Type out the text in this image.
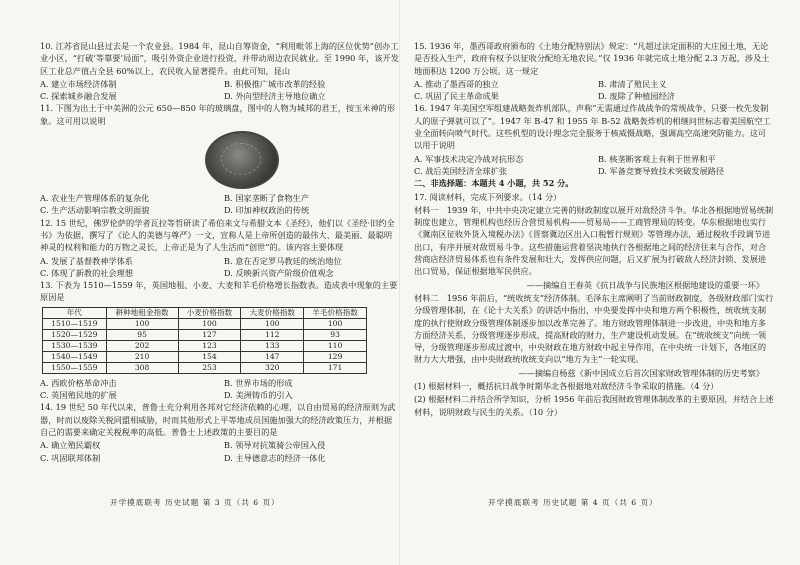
10. 江苏省昆山县过去是一个农业县。1984 年，昆山自筹资金，“利用毗邻上海的区位优势”创办工业小区，“打破‘等靠要’局面”，吸引外资企业进行投资，并带动周边农民就业。至 1990 年，该开发区工业总产值占全县 60%以上，农民收入显著提升。由此可知，昆山

A. 建立市场经济体制	B. 积极推广城市改革的经验
C. 探索城乡融合发展	D. 外向型经济主导地位确立

11. 下图为出土于中美洲的公元 650—850 年的玻璃盘，图中的人物为城邦的君王，按玉米神的形象。这可用以说明

A. 农业生产管理体系的复杂化	B. 国家垄断了食物生产
C. 生产活动影响宗教文明面貌	D. 印加神权政治的传统

12. 15 世纪，佛罗伦萨的学者瓦拉等哲研读了希伯来文与希腊文本《圣经》，他们以《圣经·旧约全书》为依据，撰写了《论人的美德与尊严》一文，宣称人是上帝所创造的最伟大、最美丽、最聪明神灵的权利和能力的万物之灵长，上帝正是为了人生活而“创世”的。该内容主要体现

A. 发展了基督教神学体系	B. 意在否定罗马教廷的统治地位
C. 体现了新教的社会理想	D. 反映新兴资产阶级价值观念

13. 下表为 1510—1559 年，英国地租、小麦、大麦和羊毛价格增长指数表。造成表中现象的主要原因是

年代	耕种地租金指数	小麦价格指数	大麦价格指数	羊毛价格指数
1510—1519	100	100	100	100
1520—1529	95	127	112	93
1530—1539	202	123	133	110
1540—1549	210	154	147	129
1550—1559	308	253	320	171
A. 西欧价格革命冲击	B. 世界市场的形成
C. 英国殖民地的扩展	D. 美洲铸币的引入

14. 19 世纪 50 年代以来，普鲁士充分利用各邦对它经济依赖的心理，以自由贸易的经济原则为武器，时而以废除关税同盟相威胁，时而其他形式上平等地成员国施加强大的经济政策压力，并根据自己的需要来确定关税税率的高低。普鲁士上述政策的主要目的是

A. 确立殖民霸权	B. 领导对抗策骑公帝国入侵
C. 巩固联邦体制	D. 主导德意志的经济一体化
开学摸底联考 历史试题 第 3 页（共 6 页）

15. 1936 年，墨西哥政府颁布的《土地分配特别法》规定：“凡超过法定面积的大庄园土地，无论是否投入生产，政府有权予以征收分配给无地农民。”仅 1936 年就完成土地分配 2.3 万起，涉及土地面积达 1200 万公顷。这一规定

A. 推动了墨西哥的独立	B. 肃清了殖民主义
C. 巩固了民主革命成果	D. 废除了种植园经济

16. 1947 年美国空军组建战略轰炸机部队，声称“无需通过作战战争的常规战争，只要一枚先发制人的原子弹就可以了”。1947 年 B-47 和 1955 年 B-52 战略轰炸机的相继问世标志着美国航空工业全面转向喷气时代。这些机型的设计理念完全服务于核威慑战略，强调高空高速突防能力。这可以用于说明

A. 军事技术决定冷战对抗形态	B. 核垄断客观上有利于世界和平
C. 战后美国经济全球扩张	D. 军备竞赛导致技术突破发展路径

二、非选择题：本题共 4 小题，共 52 分。

17. 阅读材料，完成下列要求。（14 分）

材料一　1939 年，中共中央决定建立完善的财政制度以展开对敌经济斗争。华北各根据地贸易统制制度也建立，管理机构也经历合营贸易机构——贸易局——工商管理局的转变。华东根据地也实行《冀南区征收外货入境税办法》《晋察冀边区出入口税暂行规则》等管理办法，通过税收手段调节进出口，有序并展对敌贸易斗争。这些措施运营着坚决地执行各根据地之间的经济往来与合作，对合营商店经济贸易体系也有条件发展和壮大，发挥供应问题，后又扩展为打破敌人经济封锁、发展进出口贸易，保证根据地军民供应。

——摘编自王春英《抗日战争与民族地区根据地建设的重要一环》

材料二　1956 年前后，“统收统支”经济体制。毛泽东主席阐明了当前财政制度，各级财政部门实行分级管理体制，在《论十大关系》的讲话中指出，中央要发挥中央和地方两个积极性，统收统支制度的执行使财政分级管理体制逐步加以改革完善了。地方财政管理体制进一步改进，中央和地方多方面经济关系，分级管理逐步形成，提高财政的财力，生产建设机动发展。在“统收统支”向统一领导，分级管理逐步形成过渡中，中央财政在地方财政中起主导作用，在中央统一计划下，各地区的财力大大增强，由中央财政统收统支向以“地方为主”一轮实现。

——摘编自杨兹《新中国成立后首次国家财政管理体制的历史考察》

(1) 根据材料一，概括抗日战争时期华北各根据地对敌经济斗争采取的措施。（4 分）

(2) 根据材料二并结合所学知识，分析 1956 年前后我国财政管理体制改革的主要原因，并结合上述材料，说明财政与民生的关系。（10 分）

开学摸底联考 历史试题 第 4 页（共 6 页）
